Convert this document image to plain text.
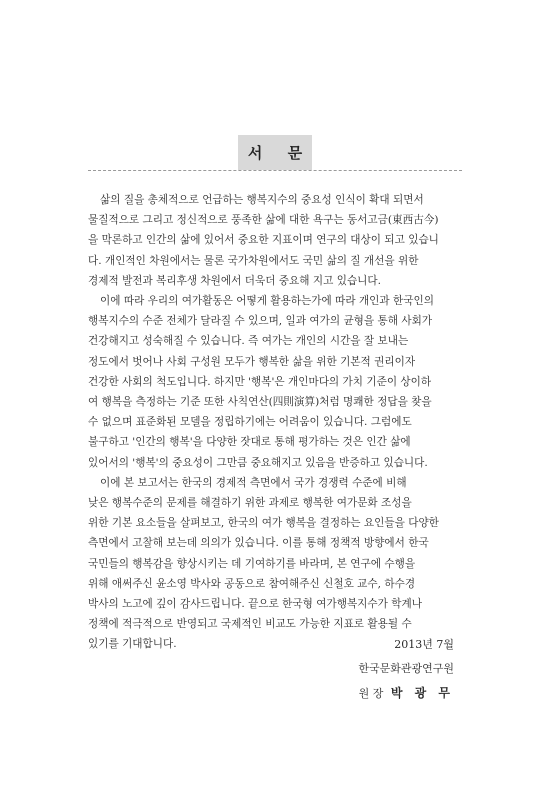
서 문
삶의 질을 총체적으로 언급하는 행복지수의 중요성 인식이 확대 되면서
물질적으로 그리고 정신적으로 풍족한 삶에 대한 욕구는 동서고금(東西古今)
을 막론하고 인간의 삶에 있어서 중요한 지표이며 연구의 대상이 되고 있습니
다. 개인적인 차원에서는 물론 국가차원에서도 국민 삶의 질 개선을 위한
경제적 발전과 복리후생 차원에서 더욱더 중요해 지고 있습니다.
이에 따라 우리의 여가활동은 어떻게 활용하는가에 따라 개인과 한국인의
행복지수의 수준 전체가 달라질 수 있으며, 일과 여가의 균형을 통해 사회가
건강해지고 성숙해질 수 있습니다. 즉 여가는 개인의 시간을 잘 보내는
정도에서 벗어나 사회 구성원 모두가 행복한 삶을 위한 기본적 권리이자
건강한 사회의 척도입니다. 하지만 '행복'은 개인마다의 가치 기준이 상이하
여 행복을 측정하는 기준 또한 사칙연산(四則演算)처럼 명쾌한 정답을 찾을
수 없으며 표준화된 모델을 정립하기에는 어려움이 있습니다. 그럼에도
불구하고 '인간의 행복'을 다양한 잣대로 통해 평가하는 것은 인간 삶에
있어서의 '행복'의 중요성이 그만큼 중요해지고 있음을 반증하고 있습니다.
이에 본 보고서는 한국의 경제적 측면에서 국가 경쟁력 수준에 비해
낮은 행복수준의 문제를 해결하기 위한 과제로 행복한 여가문화 조성을
위한 기본 요소들을 살펴보고, 한국의 여가 행복을 결정하는 요인들을 다양한
측면에서 고찰해 보는데 의의가 있습니다. 이를 통해 정책적 방향에서 한국
국민들의 행복감을 향상시키는 데 기여하기를 바라며, 본 연구에 수행을
위해 애써주신 윤소영 박사와 공동으로 참여해주신 신철호 교수, 하수경
박사의 노고에 깊이 감사드립니다. 끝으로 한국형 여가행복지수가 학계나
정책에 적극적으로 반영되고 국제적인 비교도 가능한 지표로 활용될 수
있기를 기대합니다.	2013년 7월
한국문화관광연구원
원 장 박 광 무
